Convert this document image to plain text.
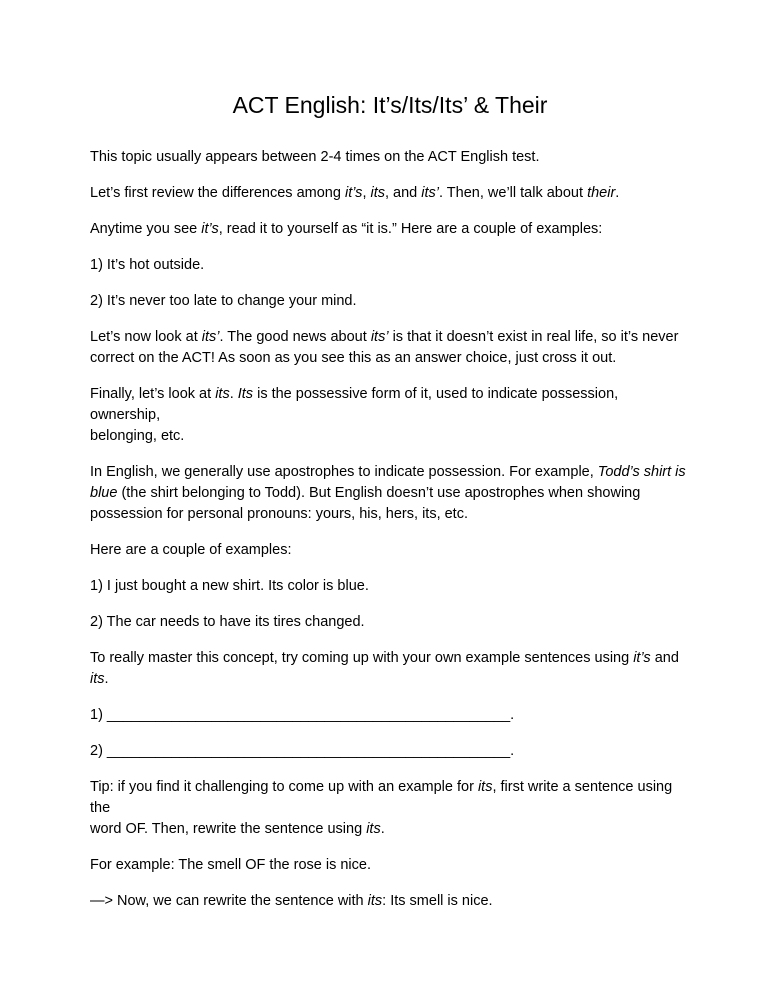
ACT English: It’s/Its/Its’ & Their

This topic usually appears between 2-4 times on the ACT English test.

Let’s first review the differences among it’s, its, and its’. Then, we’ll talk about their.

Anytime you see it’s, read it to yourself as “it is.” Here are a couple of examples:

1) It’s hot outside.

2) It’s never too late to change your mind.

Let’s now look at its’. The good news about its’ is that it doesn’t exist in real life, so it’s never
correct on the ACT! As soon as you see this as an answer choice, just cross it out.

Finally, let’s look at its. Its is the possessive form of it, used to indicate possession, ownership,
belonging, etc.

In English, we generally use apostrophes to indicate possession. For example, Todd’s shirt is
blue (the shirt belonging to Todd). But English doesn’t use apostrophes when showing
possession for personal pronouns: yours, his, hers, its, etc.

Here are a couple of examples:

1) I just bought a new shirt. Its color is blue.

2) The car needs to have its tires changed.

To really master this concept, try coming up with your own example sentences using it’s and its.

1) __________________________________________________.

2) __________________________________________________.

Tip: if you find it challenging to come up with an example for its, first write a sentence using the
word OF. Then, rewrite the sentence using its.

For example: The smell OF the rose is nice.

—> Now, we can rewrite the sentence with its: Its smell is nice.
